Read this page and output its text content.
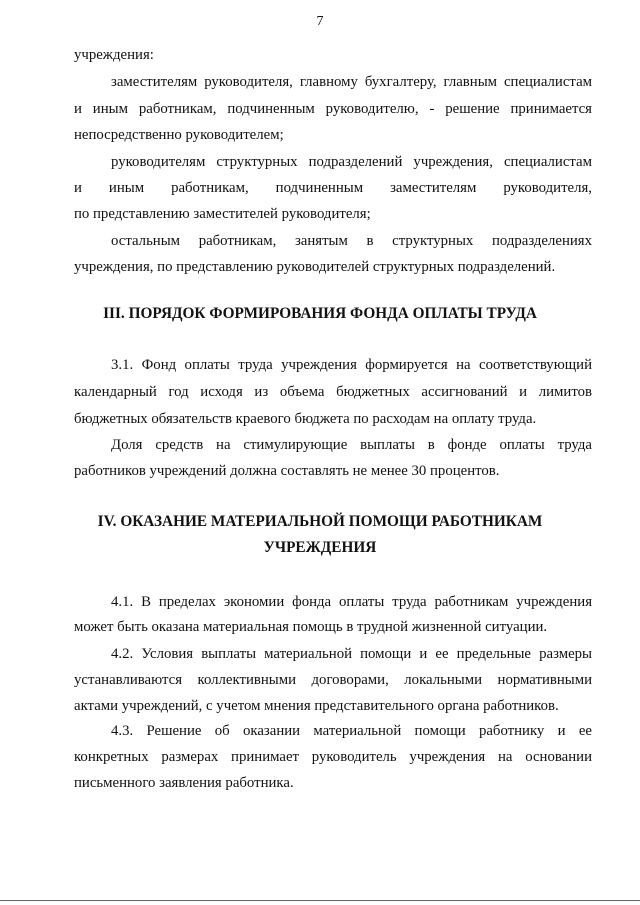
7
учреждения:
заместителям руководителя, главному бухгалтеру, главным специалистам
и иным работникам, подчиненным руководителю, - решение принимается
непосредственно руководителем;
руководителям структурных подразделений учреждения, специалистам
и иным работникам, подчиненным заместителям руководителя,
по представлению заместителей руководителя;
остальным работникам, занятым в структурных подразделениях
учреждения, по представлению руководителей структурных подразделений.
III. ПОРЯДОК ФОРМИРОВАНИЯ ФОНДА ОПЛАТЫ ТРУДА
3.1. Фонд оплаты труда учреждения формируется на соответствующий
календарный год исходя из объема бюджетных ассигнований и лимитов
бюджетных обязательств краевого бюджета по расходам на оплату труда.
Доля средств на стимулирующие выплаты в фонде оплаты труда
работников учреждений должна составлять не менее 30 процентов.
IV. ОКАЗАНИЕ МАТЕРИАЛЬНОЙ ПОМОЩИ РАБОТНИКАМ
УЧРЕЖДЕНИЯ
4.1. В пределах экономии фонда оплаты труда работникам учреждения
может быть оказана материальная помощь в трудной жизненной ситуации.
4.2. Условия выплаты материальной помощи и ее предельные размеры
устанавливаются коллективными договорами, локальными нормативными
актами учреждений, с учетом мнения представительного органа работников.
4.3. Решение об оказании материальной помощи работнику и ее
конкретных размерах принимает руководитель учреждения на основании
письменного заявления работника.
